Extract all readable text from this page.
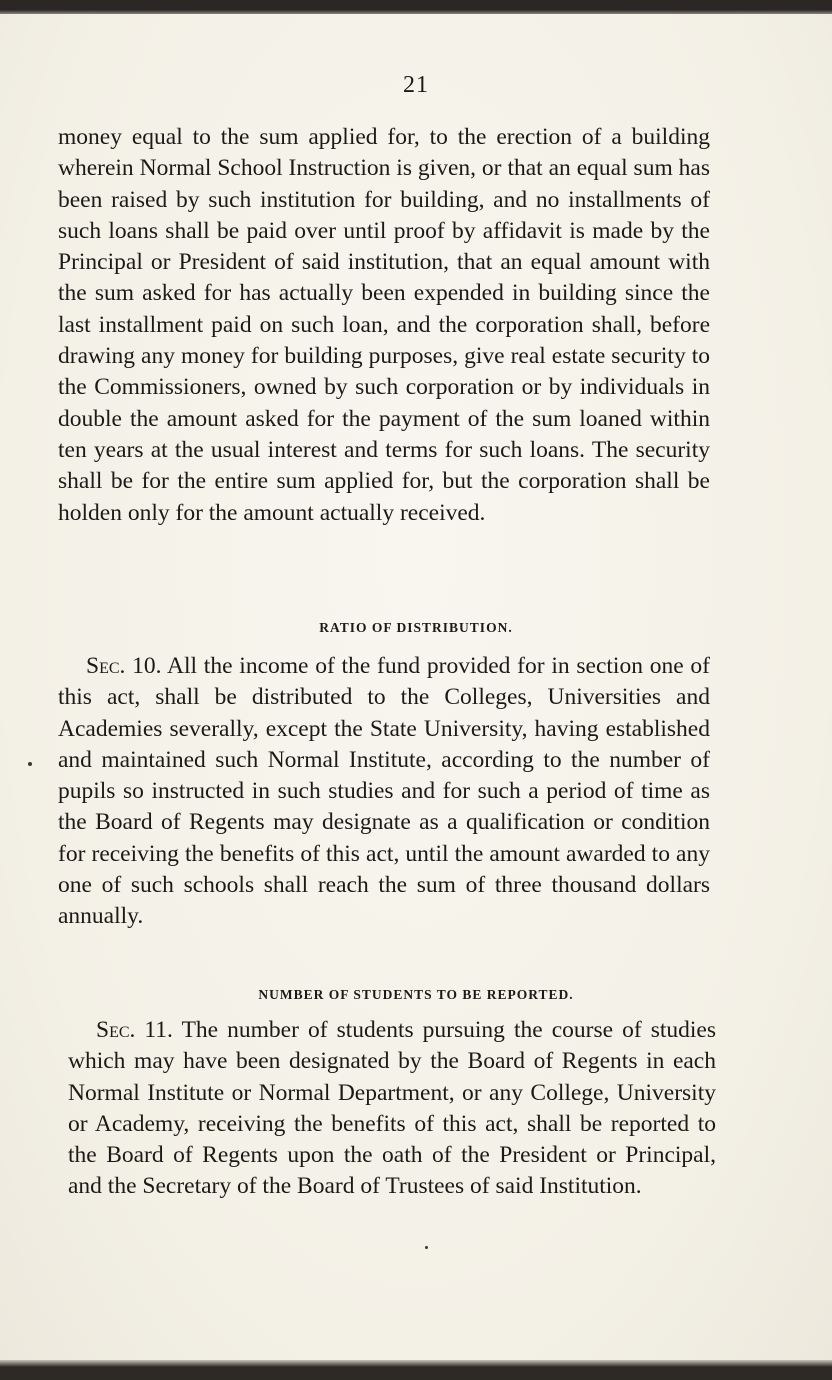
21

money equal to the sum applied for, to the erection of a building wherein Normal School Instruction is given, or that an equal sum has been raised by such institution for building, and no installments of such loans shall be paid over until proof by affidavit is made by the Principal or President of said institution, that an equal amount with the sum asked for has actually been expended in building since the last installment paid on such loan, and the corporation shall, before drawing any money for building purposes, give real estate security to the Commissioners, owned by such corporation or by individuals in double the amount asked for the payment of the sum loaned within ten years at the usual interest and terms for such loans. The security shall be for the entire sum applied for, but the corporation shall be holden only for the amount actually received.

RATIO OF DISTRIBUTION.

Sec. 10. All the income of the fund provided for in section one of this act, shall be distributed to the Colleges, Universities and Academies severally, except the State University, having established and maintained such Normal Institute, according to the number of pupils so instructed in such studies and for such a period of time as the Board of Regents may designate as a qualification or condition for receiving the benefits of this act, until the amount awarded to any one of such schools shall reach the sum of three thousand dollars annually.

NUMBER OF STUDENTS TO BE REPORTED.

Sec. 11. The number of students pursuing the course of studies which may have been designated by the Board of Regents in each Normal Institute or Normal Department, or any College, University or Academy, receiving the benefits of this act, shall be reported to the Board of Regents upon the oath of the President or Principal, and the Secretary of the Board of Trustees of said Institution.
